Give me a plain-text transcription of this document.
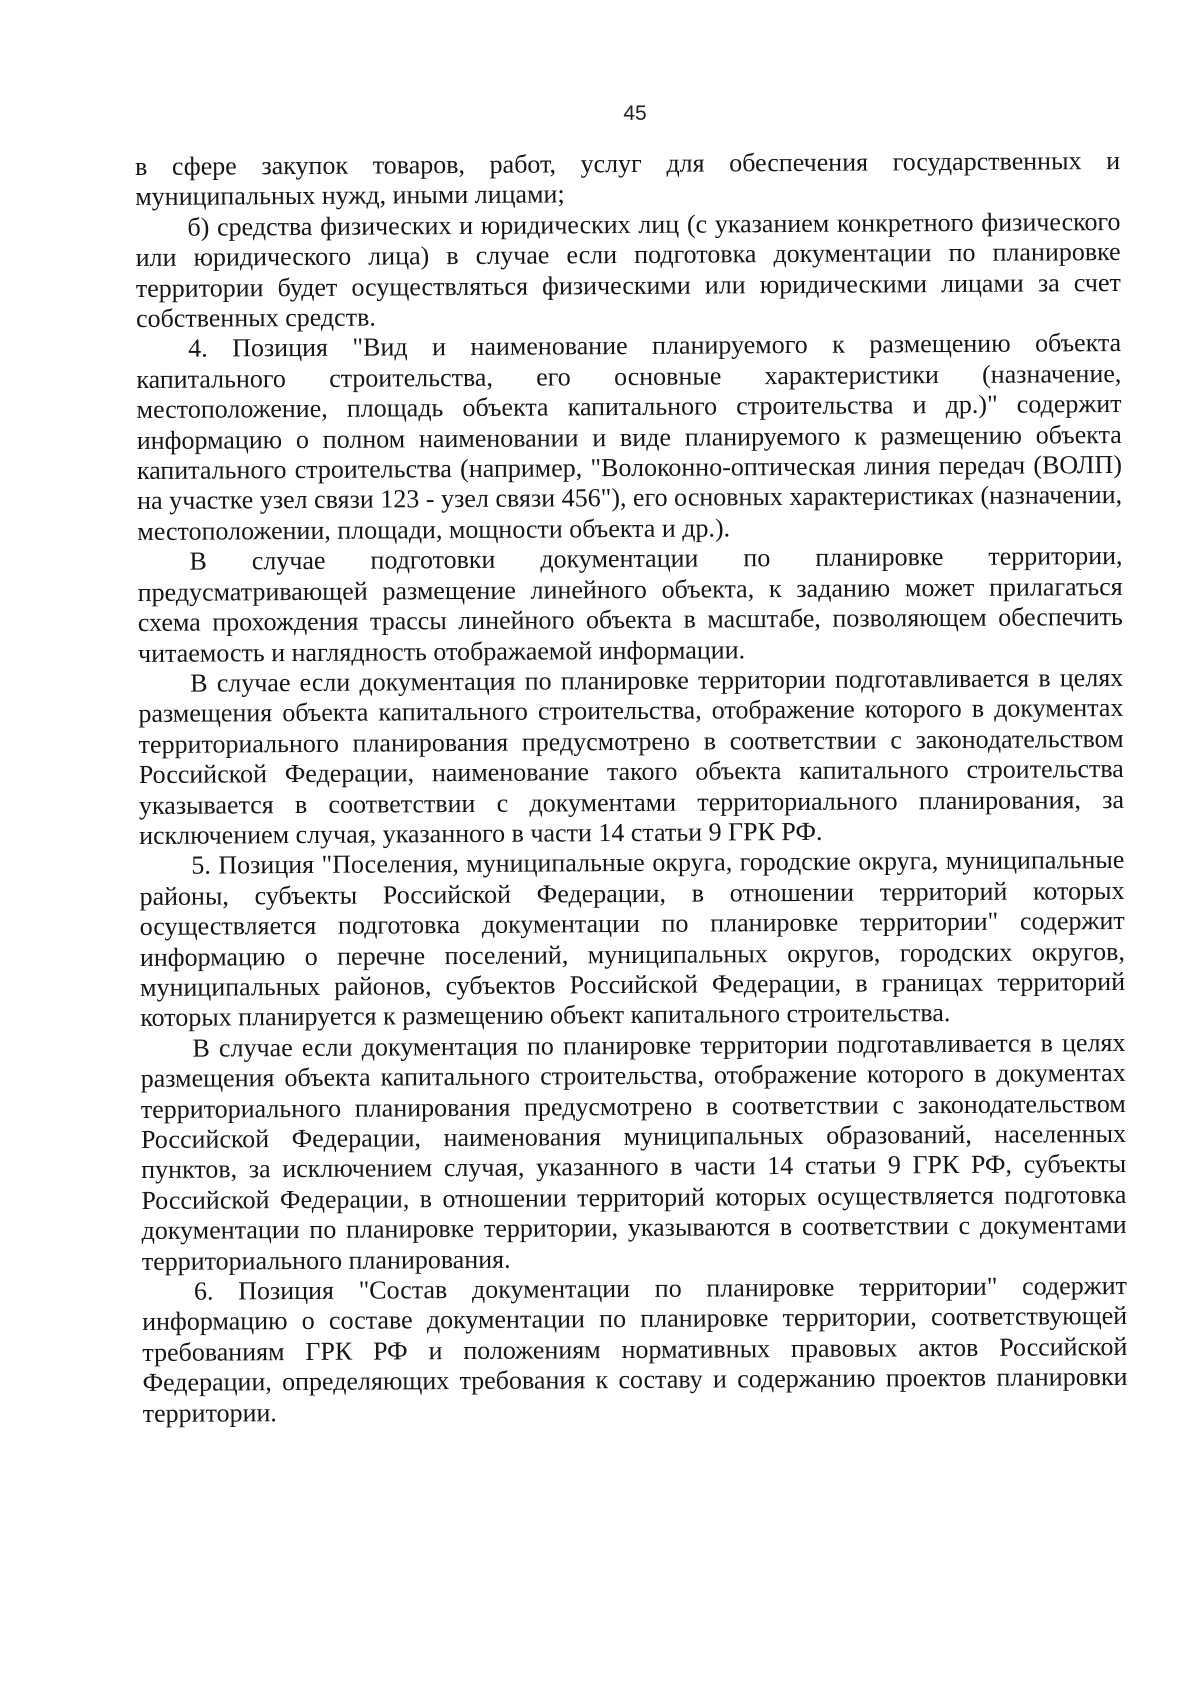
45

в сфере закупок товаров, работ, услуг для обеспечения государственных и муниципальных нужд, иными лицами;

б) средства физических и юридических лиц (с указанием конкретного физического или юридического лица) в случае если подготовка документации по планировке территории будет осуществляться физическими или юридическими лицами за счет собственных средств.

4. Позиция "Вид и наименование планируемого к размещению объекта капитального строительства, его основные характеристики (назначение, местоположение, площадь объекта капитального строительства и др.)" содержит информацию о полном наименовании и виде планируемого к размещению объекта капитального строительства (например, "Волоконно-оптическая линия передач (ВОЛП) на участке узел связи 123 - узел связи 456"), его основных характеристиках (назначении, местоположении, площади, мощности объекта и др.).

В случае подготовки документации по планировке территории, предусматривающей размещение линейного объекта, к заданию может прилагаться схема прохождения трассы линейного объекта в масштабе, позволяющем обеспечить читаемость и наглядность отображаемой информации.

В случае если документация по планировке территории подготавливается в целях размещения объекта капитального строительства, отображение которого в документах территориального планирования предусмотрено в соответствии с законодательством Российской Федерации, наименование такого объекта капитального строительства указывается в соответствии с документами территориального планирования, за исключением случая, указанного в части 14 статьи 9 ГРК РФ.

5. Позиция "Поселения, муниципальные округа, городские округа, муниципальные районы, субъекты Российской Федерации, в отношении территорий которых осуществляется подготовка документации по планировке территории" содержит информацию о перечне поселений, муниципальных округов, городских округов, муниципальных районов, субъектов Российской Федерации, в границах территорий которых планируется к размещению объект капитального строительства.

В случае если документация по планировке территории подготавливается в целях размещения объекта капитального строительства, отображение которого в документах территориального планирования предусмотрено в соответствии с законодательством Российской Федерации, наименования муниципальных образований, населенных пунктов, за исключением случая, указанного в части 14 статьи 9 ГРК РФ, субъекты Российской Федерации, в отношении территорий которых осуществляется подготовка документации по планировке территории, указываются в соответствии с документами территориального планирования.

6. Позиция "Состав документации по планировке территории" содержит информацию о составе документации по планировке территории, соответствующей требованиям ГРК РФ и положениям нормативных правовых актов Российской Федерации, определяющих требования к составу и содержанию проектов планировки территории.
